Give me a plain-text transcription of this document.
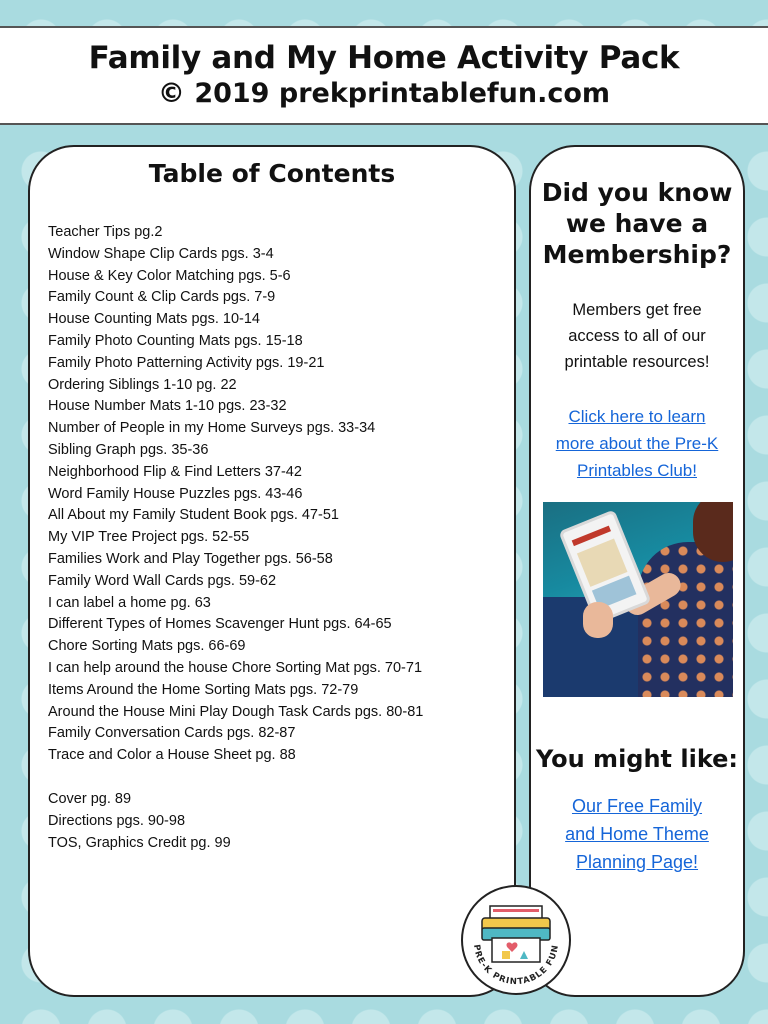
Family and My Home Activity Pack
© 2019 prekprintablefun.com
Table of Contents
Teacher Tips pg.2
Window Shape Clip Cards pgs. 3-4
House & Key Color Matching pgs. 5-6
Family Count & Clip Cards pgs. 7-9
House Counting Mats pgs. 10-14
Family Photo Counting Mats pgs. 15-18
Family Photo Patterning Activity pgs. 19-21
Ordering Siblings 1-10 pg. 22
House Number Mats 1-10 pgs. 23-32
Number of People in my Home Surveys pgs. 33-34
Sibling Graph pgs. 35-36
Neighborhood Flip & Find Letters 37-42
Word Family House Puzzles pgs. 43-46
All About my Family Student Book pgs. 47-51
My VIP Tree Project pgs. 52-55
Families Work and Play Together pgs. 56-58
Family Word Wall Cards pgs. 59-62
I can label a home pg. 63
Different Types of Homes Scavenger Hunt pgs. 64-65
Chore Sorting Mats pgs. 66-69
I can help around the house Chore Sorting Mat pgs. 70-71
Items Around the Home Sorting Mats pgs. 72-79
Around the House Mini Play Dough Task Cards pgs. 80-81
Family Conversation Cards pgs. 82-87
Trace and Color a House Sheet pg. 88
Cover pg. 89
Directions pgs. 90-98
TOS, Graphics Credit pg. 99
Did you know
we have a
Membership?
Members get free
access to all of our
printable resources!
Click here to learn
more about the Pre-K
Printables Club!
You might like:
Our Free Family
and Home Theme
Planning Page!
PRE-K PRINTABLE FUN
